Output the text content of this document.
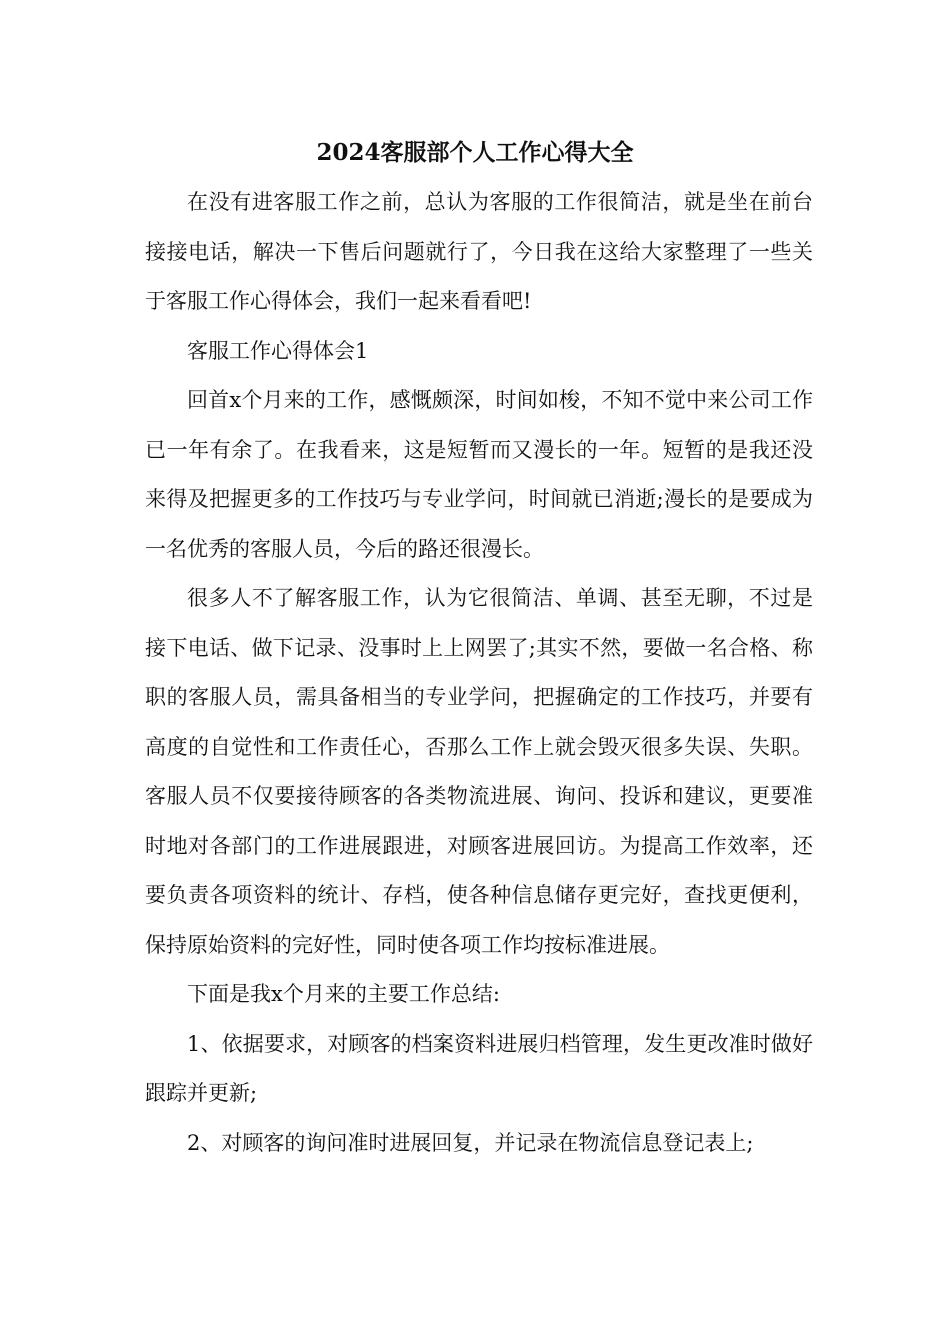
2024客服部个人工作心得大全

在没有进客服工作之前，总认为客服的工作很简洁，就是坐在前台接接电话，解决一下售后问题就行了，今日我在这给大家整理了一些关于客服工作心得体会，我们一起来看看吧!

客服工作心得体会1

回首x个月来的工作，感慨颇深，时间如梭，不知不觉中来公司工作已一年有余了。在我看来，这是短暂而又漫长的一年。短暂的是我还没来得及把握更多的工作技巧与专业学问，时间就已消逝;漫长的是要成为一名优秀的客服人员，今后的路还很漫长。

很多人不了解客服工作，认为它很简洁、单调、甚至无聊，不过是接下电话、做下记录、没事时上上网罢了;其实不然，要做一名合格、称职的客服人员，需具备相当的专业学问，把握确定的工作技巧，并要有高度的自觉性和工作责任心，否那么工作上就会毁灭很多失误、失职。客服人员不仅要接待顾客的各类物流进展、询问、投诉和建议，更要准时地对各部门的工作进展跟进，对顾客进展回访。为提高工作效率，还要负责各项资料的统计、存档，使各种信息储存更完好，查找更便利，保持原始资料的完好性，同时使各项工作均按标准进展。

下面是我x个月来的主要工作总结:

1、依据要求，对顾客的档案资料进展归档管理，发生更改准时做好跟踪并更新;

2、对顾客的询问准时进展回复，并记录在物流信息登记表上;
